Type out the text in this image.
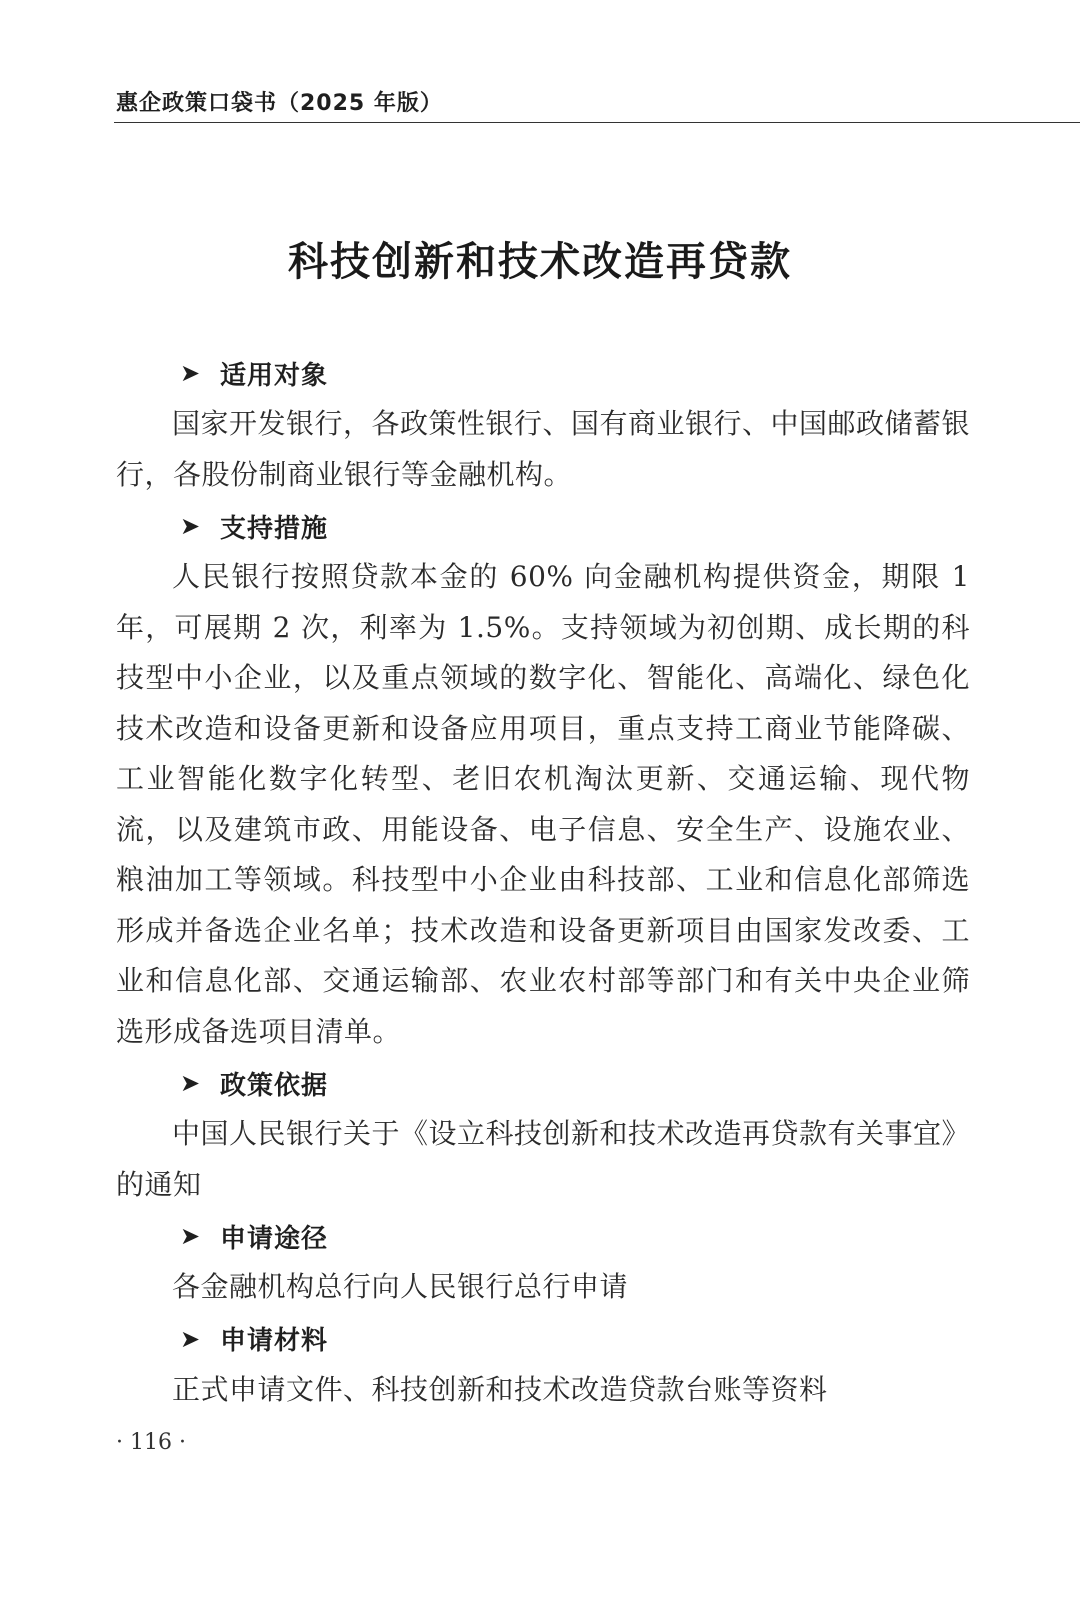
惠企政策口袋书（2025 年版）
科技创新和技术改造再贷款
➤ 适用对象

国家开发银行，各政策性银行、国有商业银行、中国邮政储蓄银行，各股份制商业银行等金融机构。

➤ 支持措施

人民银行按照贷款本金的 60% 向金融机构提供资金，期限 1 年，可展期 2 次，利率为 1.5%。支持领域为初创期、成长期的科技型中小企业，以及重点领域的数字化、智能化、高端化、绿色化技术改造和设备更新和设备应用项目，重点支持工商业节能降碳、工业智能化数字化转型、老旧农机淘汰更新、交通运输、现代物流，以及建筑市政、用能设备、电子信息、安全生产、设施农业、粮油加工等领域。科技型中小企业由科技部、工业和信息化部筛选形成并备选企业名单；技术改造和设备更新项目由国家发改委、工业和信息化部、交通运输部、农业农村部等部门和有关中央企业筛选形成备选项目清单。

➤ 政策依据

中国人民银行关于《设立科技创新和技术改造再贷款有关事宜》的通知

➤ 申请途径

各金融机构总行向人民银行总行申请

➤ 申请材料

正式申请文件、科技创新和技术改造贷款台账等资料

· 116 ·
